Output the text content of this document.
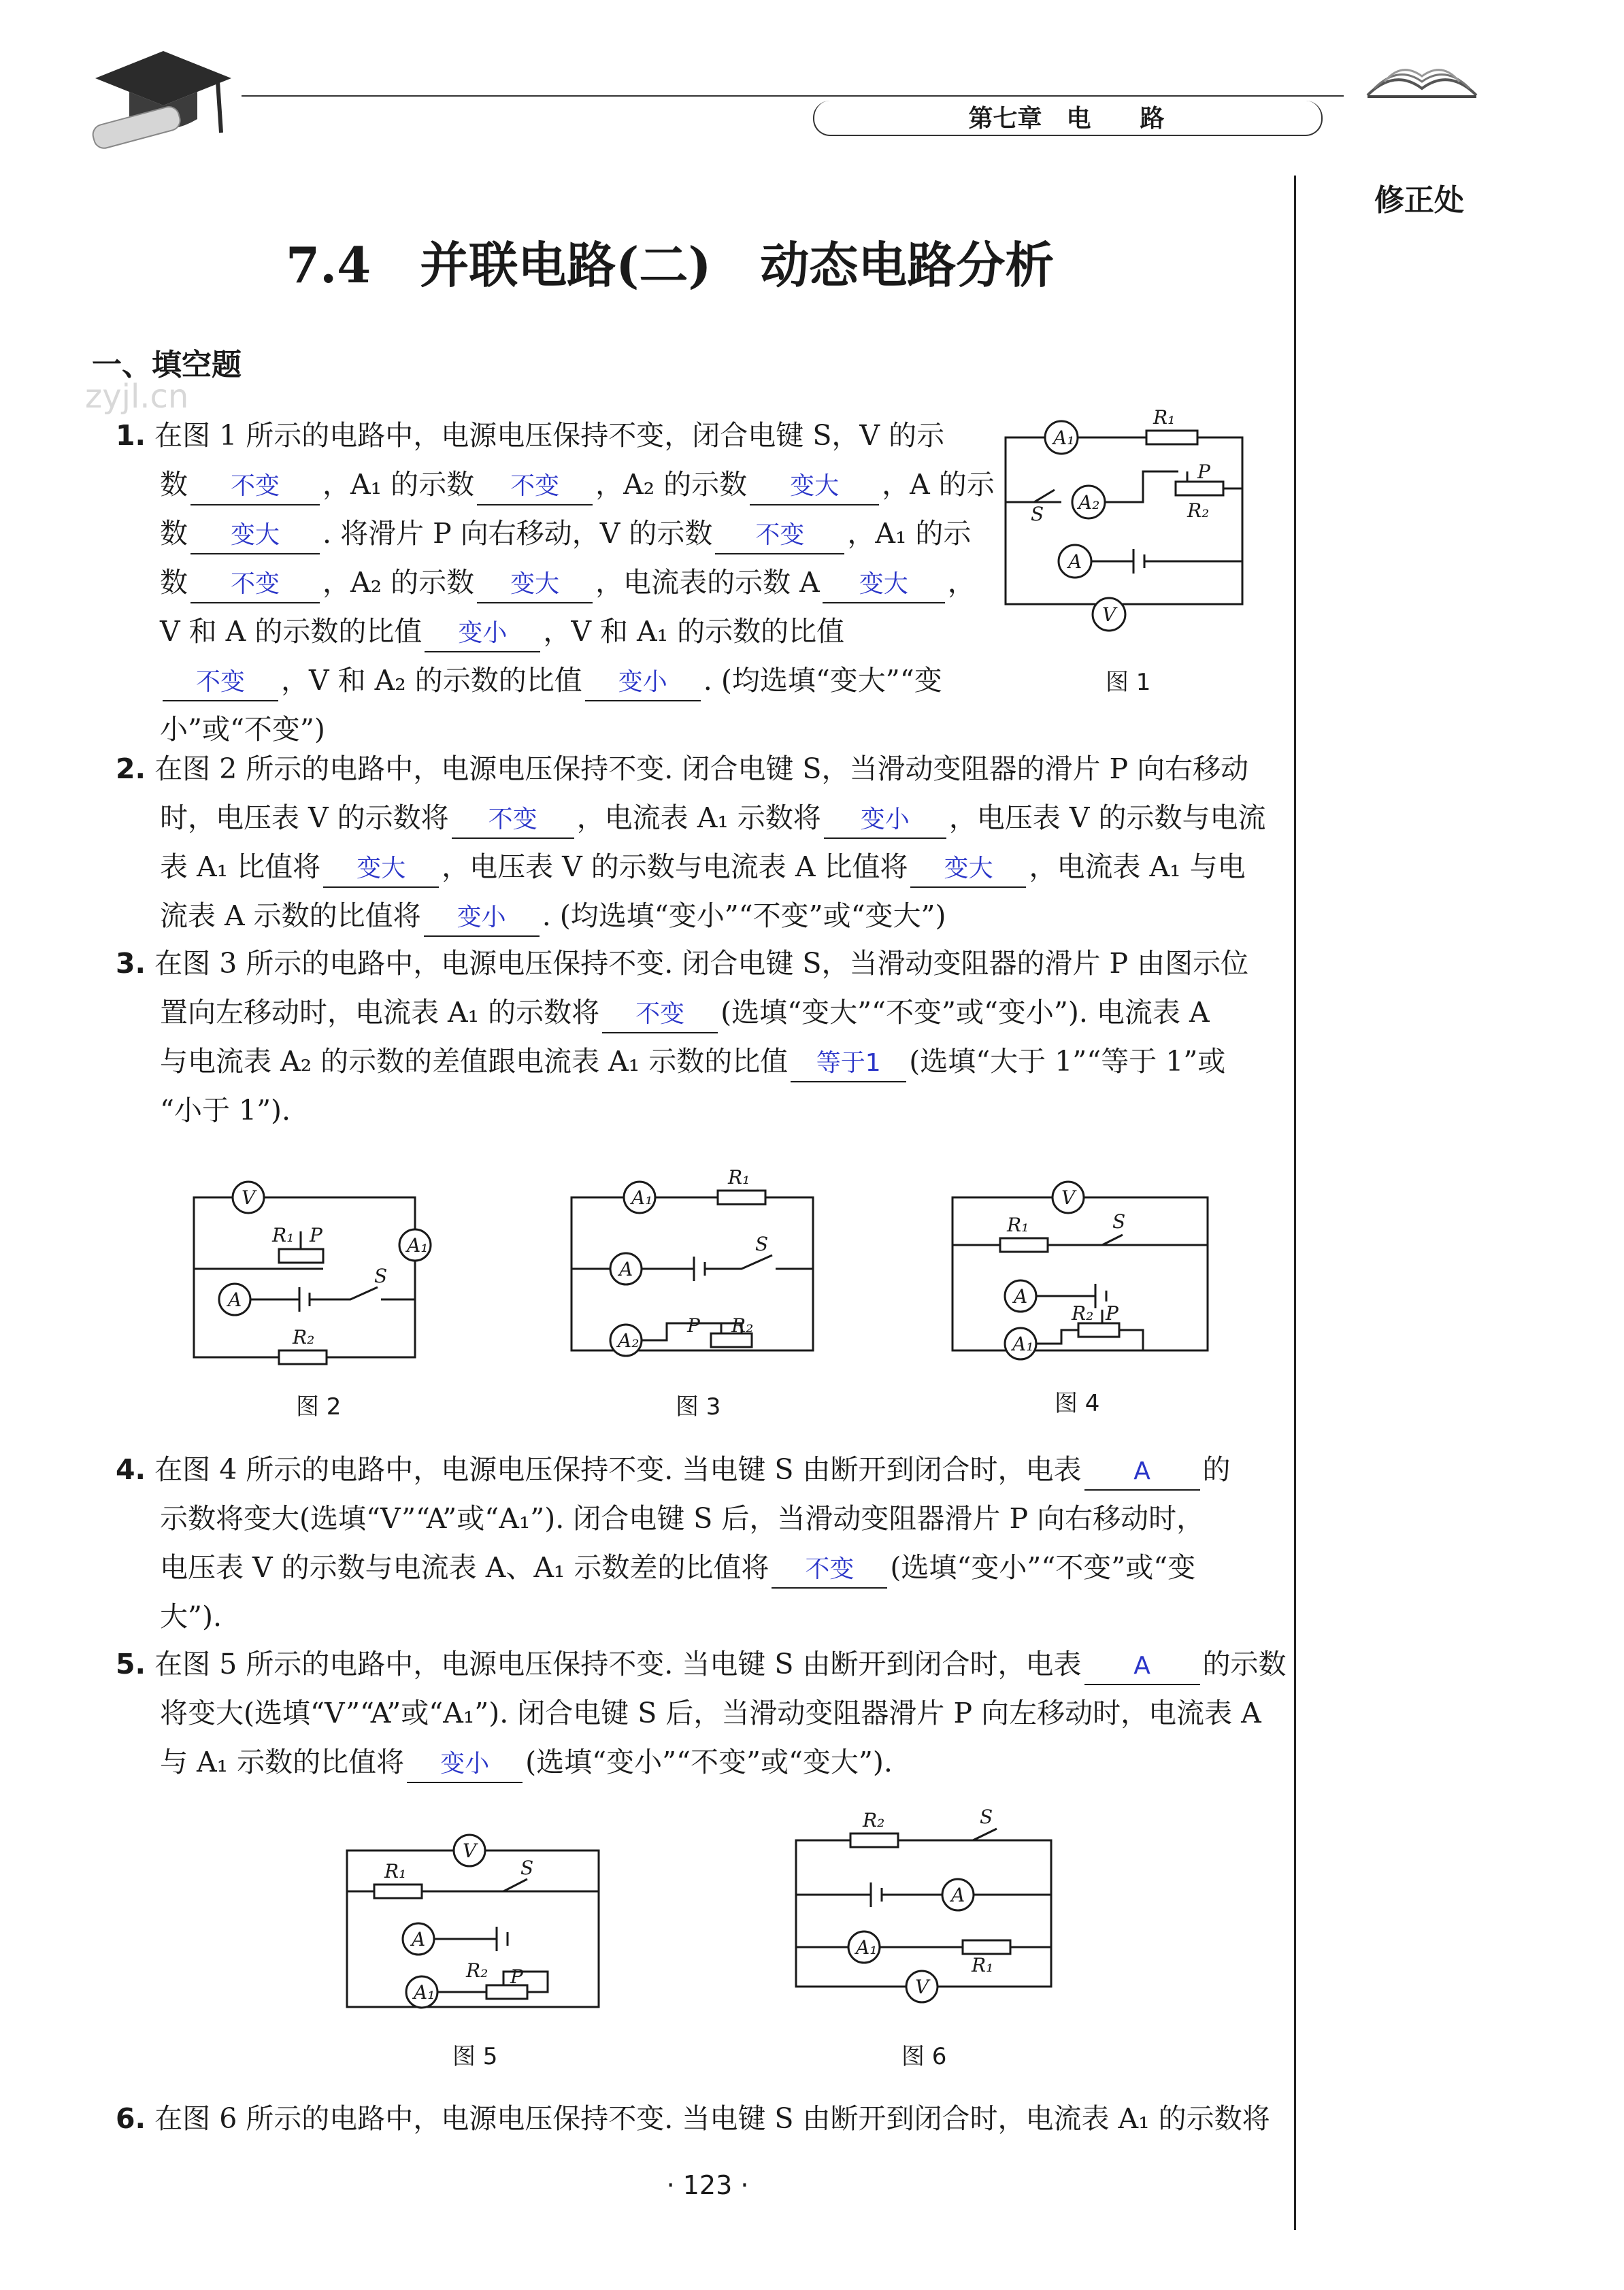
第七章　电　　路
修正处
7.4　并联电路(二)　动态电路分析
一、填空题
zyjl.cn
1. 在图 1 所示的电路中，电源电压保持不变，闭合电键 S，V 的示
数 不变 ，A₁ 的示数 不变 ，A₂ 的示数 变大 ，A 的示
数 变大 . 将滑片 P 向右移动，V 的示数 不变 ，A₁ 的示
数 不变 ，A₂ 的示数 变大 ，电流表的示数 A 变大 ，
V 和 A 的示数的比值 变小 ，V 和 A₁ 的示数的比值
不变 ，V 和 A₂ 的示数的比值 变小 . (均选填“变大”“变
小”或“不变”)
A₁
R₁
S
A₂
P
R₂
A
V
图 1
2. 在图 2 所示的电路中，电源电压保持不变. 闭合电键 S，当滑动变阻器的滑片 P 向右移动
时，电压表 V 的示数将 不变 ，电流表 A₁ 示数将 变小 ，电压表 V 的示数与电流
表 A₁ 比值将 变大 ，电压表 V 的示数与电流表 A 比值将 变大 ，电流表 A₁ 与电
流表 A 示数的比值将 变小 . (均选填“变小”“不变”或“变大”)
3. 在图 3 所示的电路中，电源电压保持不变. 闭合电键 S，当滑动变阻器的滑片 P 由图示位
置向左移动时，电流表 A₁ 的示数将 不变 (选填“变大”“不变”或“变小”). 电流表 A
与电流表 A₂ 的示数的差值跟电流表 A₁ 示数的比值 等于1 (选填“大于 1”“等于 1”或
“小于 1”).
V
A₁
R₁ P
A
S
R₂
图 2
A₁
R₁
A
S
A₂
P R₂
图 3
V
R₁	S
A
A₁
R₂ P
图 4
4. 在图 4 所示的电路中，电源电压保持不变. 当电键 S 由断开到闭合时，电表 A 的
示数将变大(选填“V”“A”或“A₁”). 闭合电键 S 后，当滑动变阻器滑片 P 向右移动时，
电压表 V 的示数与电流表 A、A₁ 示数差的比值将 不变 (选填“变小”“不变”或“变
大”).
5. 在图 5 所示的电路中，电源电压保持不变. 当电键 S 由断开到闭合时，电表 A 的示数
将变大(选填“V”“A”或“A₁”). 闭合电键 S 后，当滑动变阻器滑片 P 向左移动时，电流表 A
与 A₁ 示数的比值将 变小 (选填“变小”“不变”或“变大”).
V
R₁	S
A
A₁
R₂ P
图 5
R₂	S
A
A₁
R₁
V
图 6
6. 在图 6 所示的电路中，电源电压保持不变. 当电键 S 由断开到闭合时，电流表 A₁ 的示数将
· 123 ·
